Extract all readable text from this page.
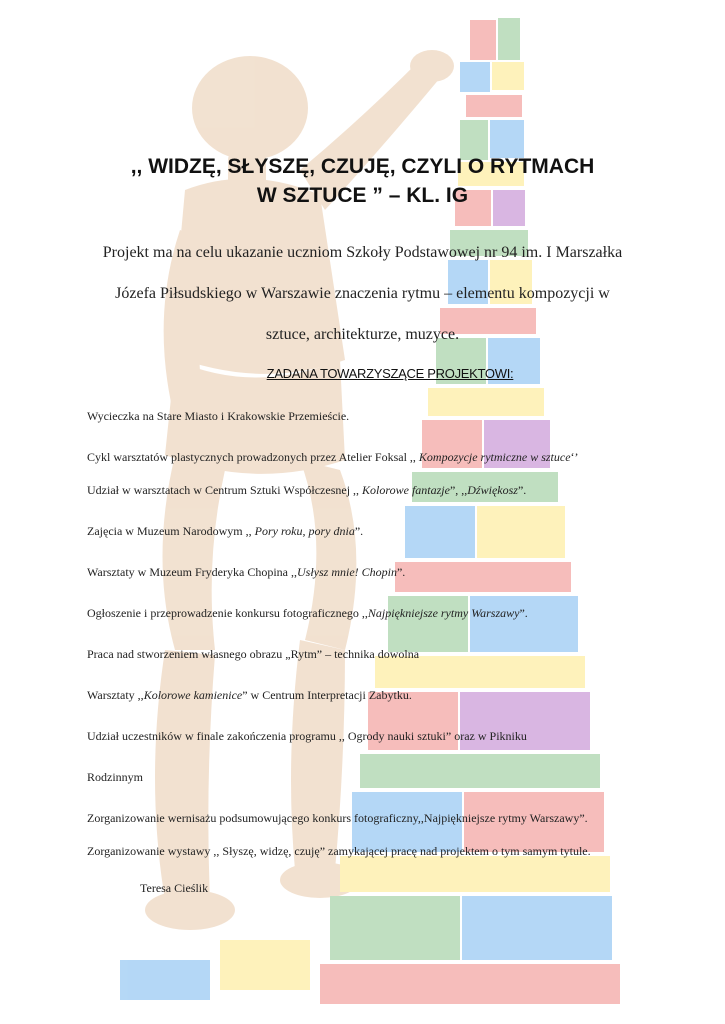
,, WIDZĘ, SŁYSZĘ, CZUJĘ, CZYLI O RYTMACH
W SZTUCE ” – KL. IG
Projekt ma na celu ukazanie uczniom Szkoły Podstawowej nr 94 im. I Marszałka
Józefa Piłsudskiego w Warszawie znaczenia rytmu – elementu kompozycji w
sztuce, architekturze, muzyce.
ZADANA TOWARZYSZĄCE PROJEKTOWI:
Wycieczka na Stare Miasto i Krakowskie Przemieście.
Cykl warsztatów plastycznych prowadzonych przez Atelier Foksal ,, Kompozycje rytmiczne w sztuce‘’
Udział w warsztatach w Centrum Sztuki Współczesnej ,, Kolorowe fantazje”, ,,Dźwiękosz”.
Zajęcia w Muzeum Narodowym ,, Pory roku, pory dnia”.
Warsztaty w Muzeum Fryderyka Chopina ,,Usłysz mnie! Chopin”.
Ogłoszenie i przeprowadzenie konkursu fotograficznego ,,Najpiękniejsze rytmy Warszawy”.
Praca nad stworzeniem własnego obrazu „Rytm” – technika dowolna
Warsztaty ,,Kolorowe kamienice” w Centrum Interpretacji Zabytku.
Udział uczestników w finale zakończenia programu ,, Ogrody nauki sztuki” oraz w Pikniku
Rodzinnym
Zorganizowanie wernisażu podsumowującego konkurs fotograficzny,,Najpiękniejsze rytmy Warszawy”.
Zorganizowanie wystawy ,, Słyszę, widzę, czuję” zamykającej pracę nad projektem o tym samym tytule.
Teresa Cieślik
